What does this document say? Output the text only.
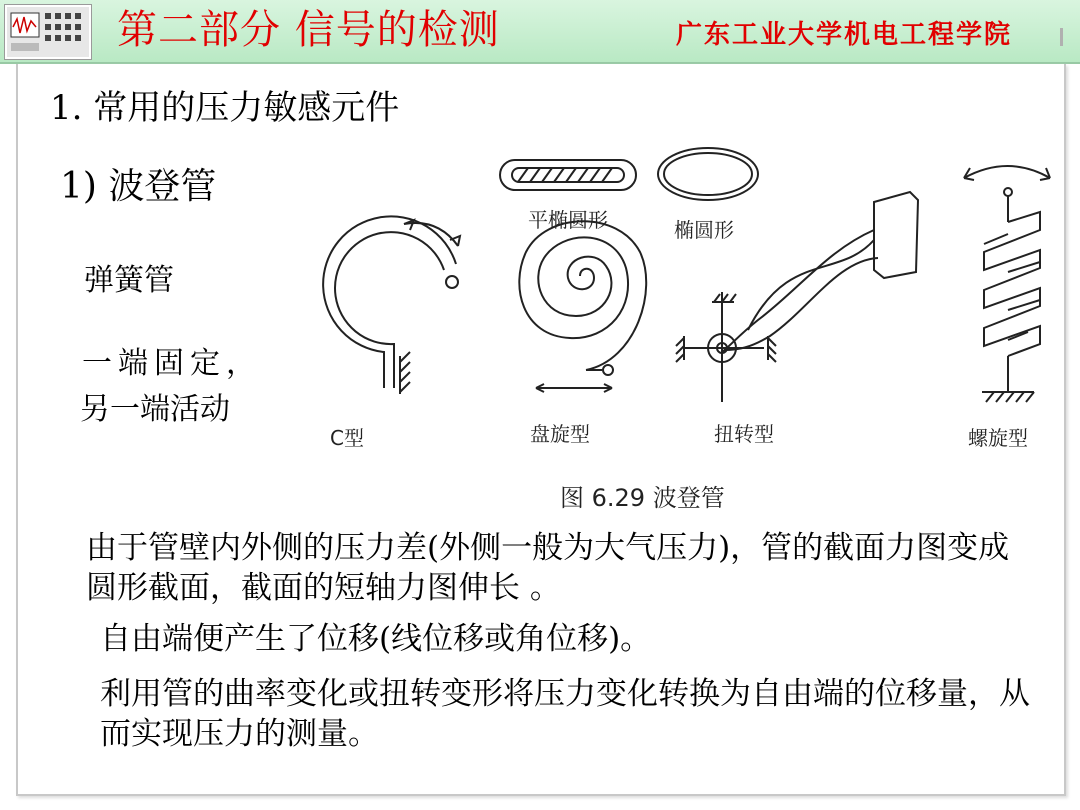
第二部分 信号的检测	广东工业大学机电工程学院
1. 常用的压力敏感元件
1) 波登管
弹簧管
一端固定，
另一端活动
平椭圆形	椭圆形
C型	盘旋型	扭转型	螺旋型
图 6.29 波登管
由于管壁内外侧的压力差(外侧一般为大气压力)，管的截面力图变成圆形截面，截面的短轴力图伸长 。
自由端便产生了位移(线位移或角位移)。
利用管的曲率变化或扭转变形将压力变化转换为自由端的位移量，从而实现压力的测量。
